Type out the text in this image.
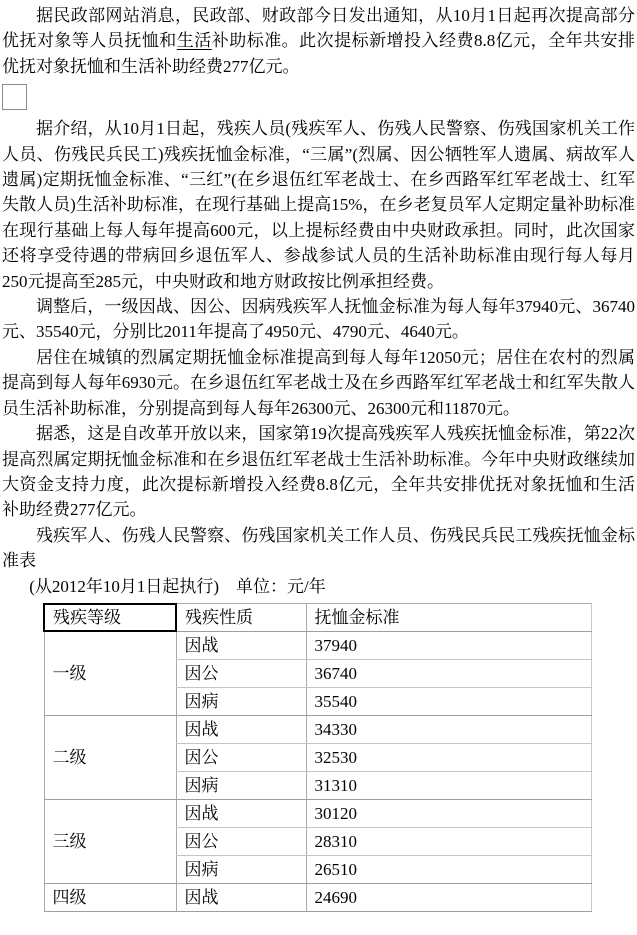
据民政部网站消息，民政部、财政部今日发出通知，从10月1日起再次提高部分优抚对象等人员抚恤和生活补助标准。此次提标新增投入经费8.8亿元，全年共安排优抚对象抚恤和生活补助经费277亿元。

据介绍，从10月1日起，残疾人员(残疾军人、伤残人民警察、伤残国家机关工作人员、伤残民兵民工)残疾抚恤金标准，“三属”(烈属、因公牺牲军人遗属、病故军人遗属)定期抚恤金标准、“三红”(在乡退伍红军老战士、在乡西路军红军老战士、红军失散人员)生活补助标准，在现行基础上提高15%，在乡老复员军人定期定量补助标准在现行基础上每人每年提高600元，以上提标经费由中央财政承担。同时，此次国家还将享受待遇的带病回乡退伍军人、参战参试人员的生活补助标准由现行每人每月250元提高至285元，中央财政和地方财政按比例承担经费。

调整后，一级因战、因公、因病残疾军人抚恤金标准为每人每年37940元、36740元、35540元，分别比2011年提高了4950元、4790元、4640元。

居住在城镇的烈属定期抚恤金标准提高到每人每年12050元；居住在农村的烈属提高到每人每年6930元。在乡退伍红军老战士及在乡西路军红军老战士和红军失散人员生活补助标准，分别提高到每人每年26300元、26300元和11870元。

据悉，这是自改革开放以来，国家第19次提高残疾军人残疾抚恤金标准，第22次提高烈属定期抚恤金标准和在乡退伍红军老战士生活补助标准。今年中央财政继续加大资金支持力度，此次提标新增投入经费8.8亿元，全年共安排优抚对象抚恤和生活补助经费277亿元。

残疾军人、伤残人民警察、伤残国家机关工作人员、伤残民兵民工残疾抚恤金标准表

(从2012年10月1日起执行)　单位：元/年

残疾等级	残疾性质	抚恤金标准
一级	因战	37940
	因公	36740
	因病	35540
二级	因战	34330
	因公	32530
	因病	31310
三级	因战	30120
	因公	28310
	因病	26510
四级	因战	24690
